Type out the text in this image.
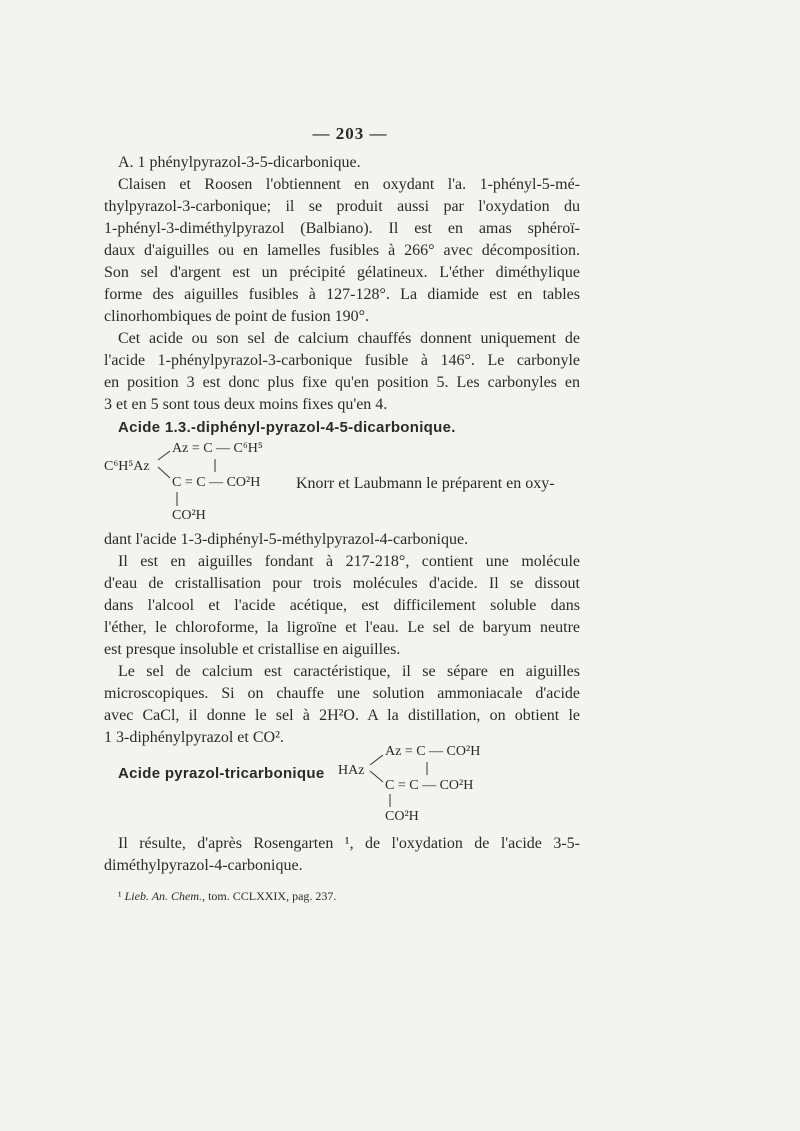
— 203 —
A. 1 phénylpyrazol-3-5-dicarbonique.
Claisen et Roosen l'obtiennent en oxydant l'a. 1-phényl-5-mé-
thylpyrazol-3-carbonique; il se produit aussi par l'oxydation du
1-phényl-3-diméthylpyrazol (Balbiano). Il est en amas sphéroï-
daux d'aiguilles ou en lamelles fusibles à 266° avec décomposition.
Son sel d'argent est un précipité gélatineux. L'éther diméthylique
forme des aiguilles fusibles à 127-128°. La diamide est en tables
clinorhombiques de point de fusion 190°.
Cet acide ou son sel de calcium chauffés donnent uniquement de
l'acide 1-phénylpyrazol-3-carbonique fusible à 146°. Le carbonyle
en position 3 est donc plus fixe qu'en position 5. Les carbonyles en
3 et en 5 sont tous deux moins fixes qu'en 4.
Acide 1.3.-diphényl-pyrazol-4-5-dicarbonique.
Az = C — C⁶H⁵
C⁶H⁵Az
C = C — CO²H
CO²H
Knorr et Laubmann le préparent en oxy-
dant l'acide 1-3-diphényl-5-méthylpyrazol-4-carbonique.
Il est en aiguilles fondant à 217-218°, contient une molécule
d'eau de cristallisation pour trois molécules d'acide. Il se dissout
dans l'alcool et l'acide acétique, est difficilement soluble dans
l'éther, le chloroforme, la ligroïne et l'eau. Le sel de baryum neutre
est presque insoluble et cristallise en aiguilles.
Le sel de calcium est caractéristique, il se sépare en aiguilles
microscopiques. Si on chauffe une solution ammoniacale d'acide
avec CaCl, il donne le sel à 2H²O. A la distillation, on obtient le
1 3-diphénylpyrazol et CO².
Acide pyrazol-tricarbonique
Az = C — CO²H
HAz
C = C — CO²H
CO²H
Il résulte, d'après Rosengarten ¹, de l'oxydation de l'acide 3-5-
diméthylpyrazol-4-carbonique.
¹ Lieb. An. Chem., tom. CCLXXIX, pag. 237.
